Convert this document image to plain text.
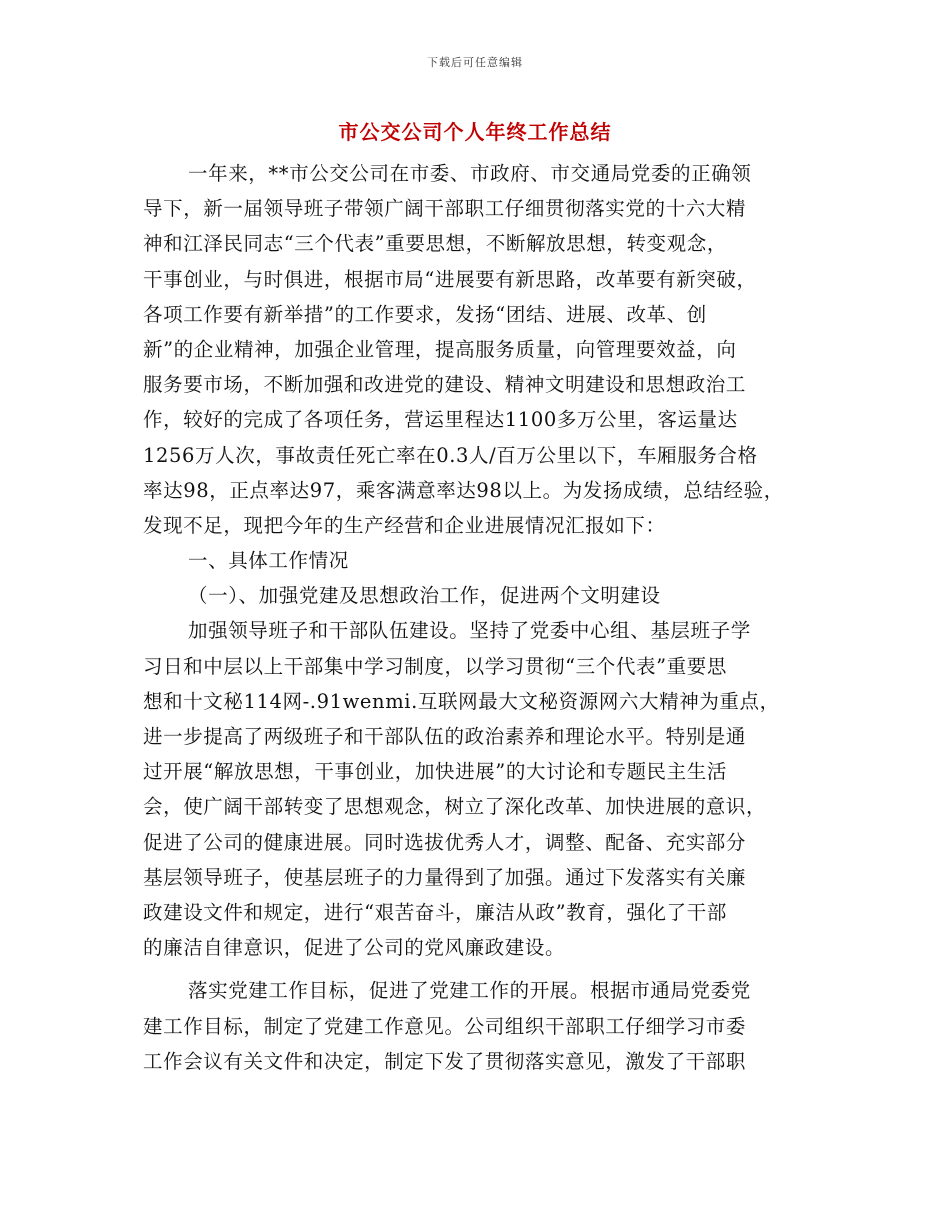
下载后可任意编辑
市公交公司个人年终工作总结
一年来，**市公交公司在市委、市政府、市交通局党委的正确领
导下，新一届领导班子带领广阔干部职工仔细贯彻落实党的十六大精
神和江泽民同志“三个代表”重要思想，不断解放思想，转变观念，
干事创业，与时俱进，根据市局“进展要有新思路，改革要有新突破，
各项工作要有新举措”的工作要求，发扬“团结、进展、改革、创
新”的企业精神，加强企业管理，提高服务质量，向管理要效益，向
服务要市场，不断加强和改进党的建设、精神文明建设和思想政治工
作，较好的完成了各项任务，营运里程达1100多万公里，客运量达
1256万人次，事故责任死亡率在0.3人/百万公里以下，车厢服务合格
率达98，正点率达97，乘客满意率达98以上。为发扬成绩，总结经验，
发现不足，现把今年的生产经营和企业进展情况汇报如下：
一、具体工作情况
（一）、加强党建及思想政治工作，促进两个文明建设
加强领导班子和干部队伍建设。坚持了党委中心组、基层班子学
习日和中层以上干部集中学习制度，以学习贯彻“三个代表”重要思
想和十文秘114网-.91wenmi.互联网最大文秘资源网六大精神为重点，
进一步提高了两级班子和干部队伍的政治素养和理论水平。特别是通
过开展“解放思想，干事创业，加快进展”的大讨论和专题民主生活
会，使广阔干部转变了思想观念，树立了深化改革、加快进展的意识，
促进了公司的健康进展。同时选拔优秀人才，调整、配备、充实部分
基层领导班子，使基层班子的力量得到了加强。通过下发落实有关廉
政建设文件和规定，进行“艰苦奋斗，廉洁从政”教育，强化了干部
的廉洁自律意识，促进了公司的党风廉政建设。
落实党建工作目标，促进了党建工作的开展。根据市通局党委党
建工作目标，制定了党建工作意见。公司组织干部职工仔细学习市委
工作会议有关文件和决定，制定下发了贯彻落实意见，激发了干部职
